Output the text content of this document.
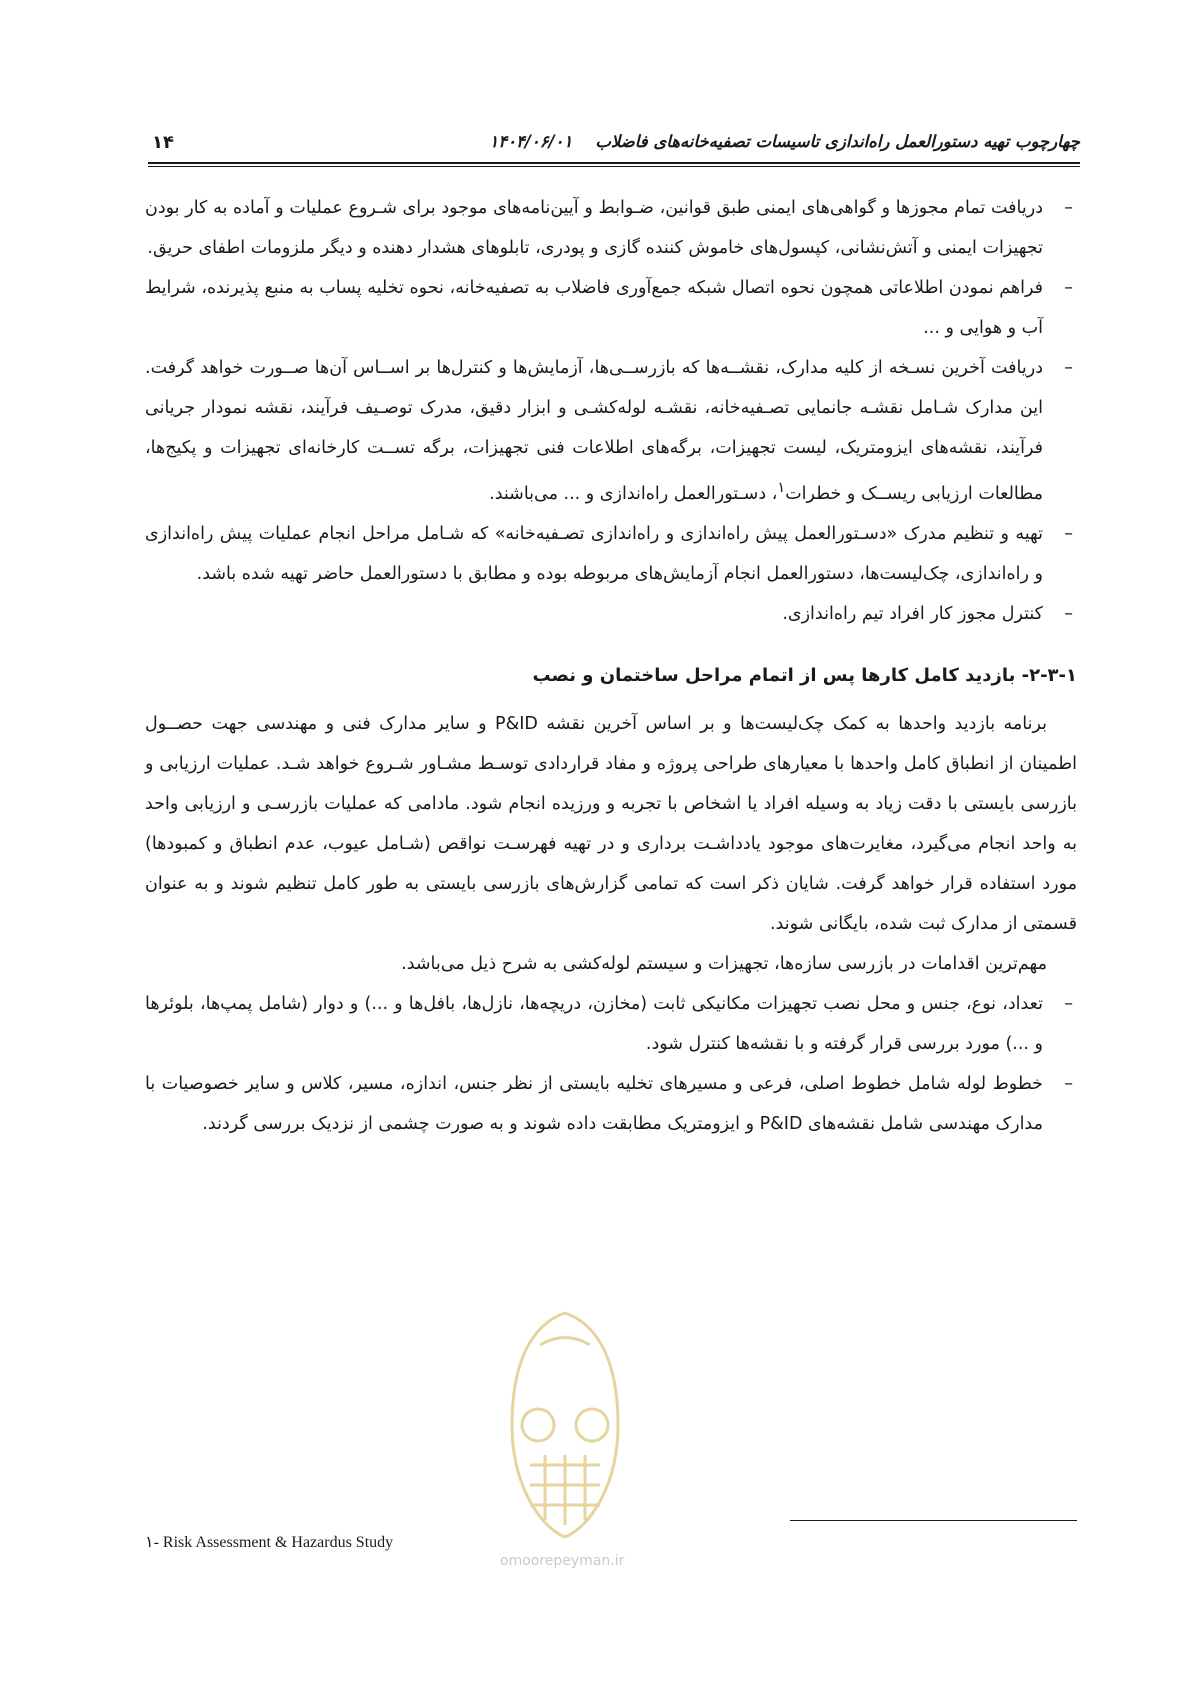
۱۴	چهارچوب تهیه دستورالعمل راه‌اندازی تاسیسات تصفیه‌خانه‌های فاضلاب    ۱۴۰۴/۰۶/۰۱
–
دریافت تمام مجوزها و گواهی‌های ایمنی طبق قوانین، ضـوابط و آیین‌نامه‌های موجود برای شـروع عملیات و آماده به کار بودن تجهیزات ایمنی و آتش‌نشانی، کپسول‌های خاموش کننده گازی و پودری، تابلوهای هشدار دهنده و دیگر ملزومات اطفای حریق.
–
فراهم نمودن اطلاعاتی همچون نحوه اتصال شبکه جمع‌آوری فاضلاب به تصفیه‌خانه، نحوه تخلیه پساب به منبع پذیرنده، شرایط آب و هوایی و ...
–
دریافت آخرین نسـخه از کلیه مدارک، نقشــه‌ها که بازرســی‌ها، آزمایش‌ها و کنترل‌ها بر اســاس آن‌ها صــورت خواهد گرفت. این مدارک شـامل نقشـه جانمایی تصـفیه‌خانه، نقشـه لوله‌کشـی و ابزار دقیق، مدرک توصـیف فرآیند، نقشه نمودار جریانی فرآیند، نقشه‌های ایزومتریک، لیست تجهیزات، برگه‌های اطلاعات فنی تجهیزات، برگه تســت کارخانه‌ای تجهیزات و پکیج‌ها، مطالعات ارزیابی ریســک و خطرات$^۱$، دسـتورالعمل راه‌اندازی و ... می‌باشند.
–
تهیه و تنظیم مدرک «دسـتورالعمل پیش راه‌اندازی و راه‌اندازی تصـفیه‌خانه» که شـامل مراحل انجام عملیات پیش راه‌اندازی و راه‌اندازی، چک‌لیست‌ها، دستورالعمل انجام آزمایش‌های مربوطه بوده و مطابق با دستورالعمل حاضر تهیه شده باشد.
–
کنترل مجوز کار افراد تیم راه‌اندازی.
۲-۳-۱- بازدید کامل کارها پس از اتمام مراحل ساختمان و نصب

برنامه بازدید واحدها به کمک چک‌لیست‌ها و بر اساس آخرین نقشه P&ID و سایر مدارک فنی و مهندسی جهت حصــول اطمینان از انطباق کامل واحدها با معیارهای طراحی پروژه و مفاد قراردادی توسـط مشـاور شـروع خواهد شـد. عملیات ارزیابی و بازرسی بایستی با دقت زیاد به وسیله افراد یا اشخاص با تجربه و ورزیده انجام شود. مادامی که عملیات بازرسـی و ارزیابی واحد به واحد انجام می‌گیرد، مغایرت‌های موجود یادداشـت برداری و در تهیه فهرسـت نواقص (شـامل عیوب، عدم انطباق و کمبودها) مورد استفاده قرار خواهد گرفت. شایان ذکر است که تمامی گزارش‌های بازرسی بایستی به طور کامل تنظیم شوند و به عنوان قسمتی از مدارک ثبت شده، بایگانی شوند.

مهم‌ترین اقدامات در بازرسی سازه‌ها، تجهیزات و سیستم لوله‌کشی به شرح ذیل می‌باشد.

–
تعداد، نوع، جنس و محل نصب تجهیزات مکانیکی ثابت (مخازن، دریچه‌ها، نازل‌ها، بافل‌ها و ...) و دوار (شامل پمپ‌ها، بلوئرها و ...) مورد بررسی قرار گرفته و با نقشه‌ها کنترل شود.
–
خطوط لوله شامل خطوط اصلی، فرعی و مسیرهای تخلیه بایستی از نظر جنس، اندازه، مسیر، کلاس و سایر خصوصیات با مدارک مهندسی شامل نقشه‌های P&ID و ایزومتریک مطابقت داده شوند و به صورت چشمی از نزدیک بررسی گردند.
omoorepeyman.ir
۱- Risk Assessment & Hazardus Study
